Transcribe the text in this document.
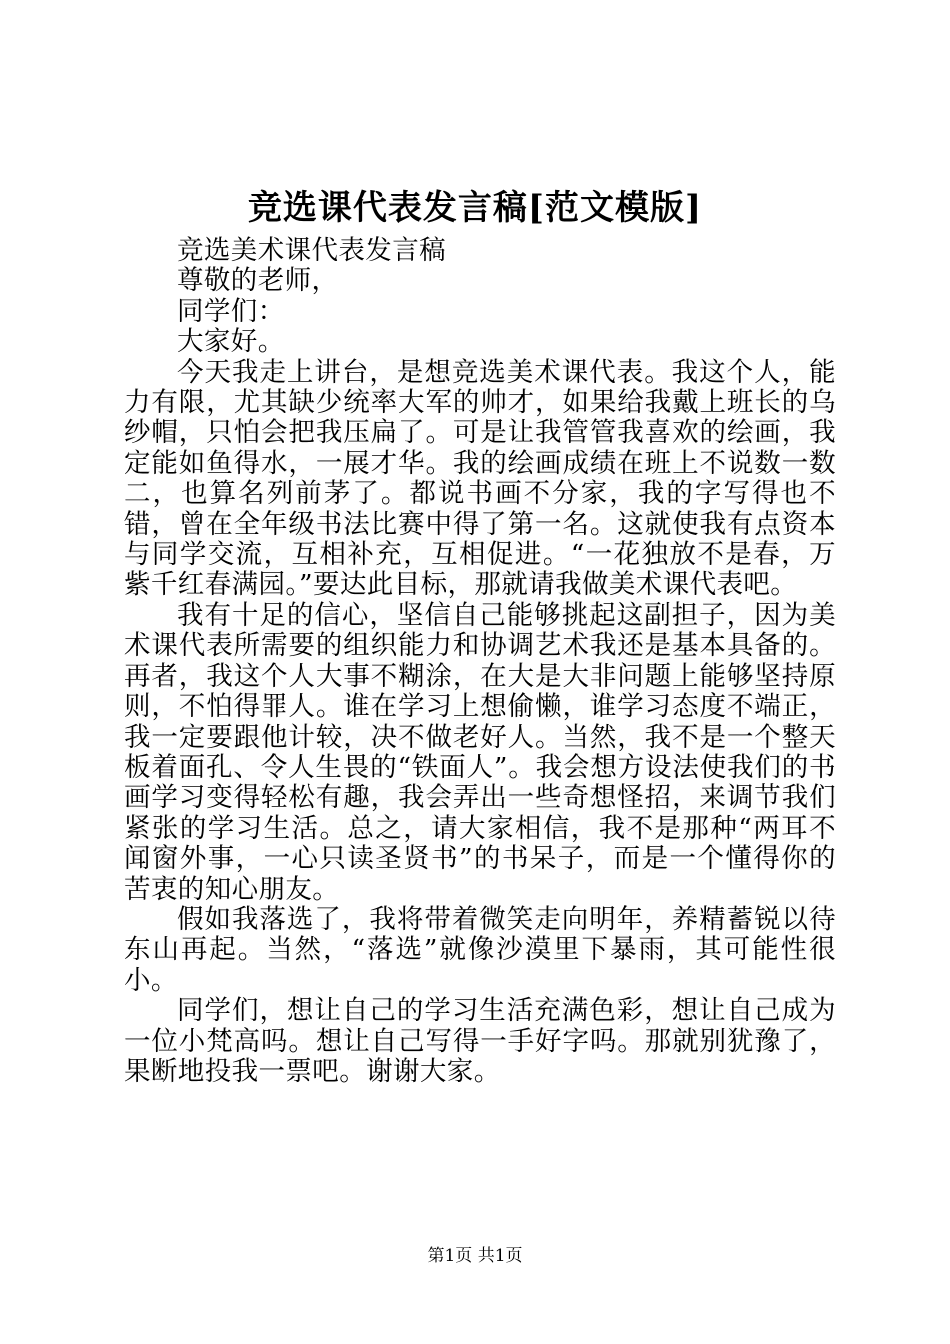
竞选课代表发言稿[范文模版]

竞选美术课代表发言稿

尊敬的老师，

同学们：

大家好。

今天我走上讲台，是想竞选美术课代表。我这个人，能力有限，尤其缺少统率大军的帅才，如果给我戴上班长的乌纱帽，只怕会把我压扁了。可是让我管管我喜欢的绘画，我定能如鱼得水，一展才华。我的绘画成绩在班上不说数一数二，也算名列前茅了。都说书画不分家，我的字写得也不错，曾在全年级书法比赛中得了第一名。这就使我有点资本与同学交流，互相补充，互相促进。“一花独放不是春，万紫千红春满园。”要达此目标，那就请我做美术课代表吧。

我有十足的信心，坚信自己能够挑起这副担子，因为美术课代表所需要的组织能力和协调艺术我还是基本具备的。再者，我这个人大事不糊涂，在大是大非问题上能够坚持原则，不怕得罪人。谁在学习上想偷懒，谁学习态度不端正，我一定要跟他计较，决不做老好人。当然，我不是一个整天板着面孔、令人生畏的“铁面人”。我会想方设法使我们的书画学习变得轻松有趣，我会弄出一些奇想怪招，来调节我们紧张的学习生活。总之，请大家相信，我不是那种“两耳不闻窗外事，一心只读圣贤书”的书呆子，而是一个懂得你的苦衷的知心朋友。

假如我落选了，我将带着微笑走向明年，养精蓄锐以待东山再起。当然，“落选”就像沙漠里下暴雨，其可能性很小。

同学们，想让自己的学习生活充满色彩，想让自己成为一位小梵高吗。想让自己写得一手好字吗。那就别犹豫了，果断地投我一票吧。谢谢大家。

第1页 共1页
